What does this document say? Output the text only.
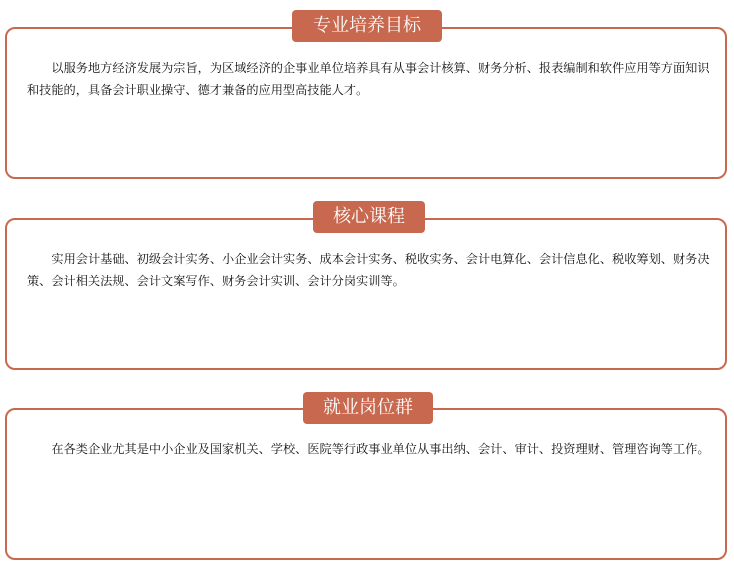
以服务地方经济发展为宗旨，为区域经济的企事业单位培养具有从事会计核算、财务分析、报表编制和软件应用等方面知识和技能的，具备会计职业操守、德才兼备的应用型高技能人才。

专业培养目标

实用会计基础、初级会计实务、小企业会计实务、成本会计实务、税收实务、会计电算化、会计信息化、税收筹划、财务决策、会计相关法规、会计文案写作、财务会计实训、会计分岗实训等。

核心课程

在各类企业尤其是中小企业及国家机关、学校、医院等行政事业单位从事出纳、会计、审计、投资理财、管理咨询等工作。

就业岗位群
